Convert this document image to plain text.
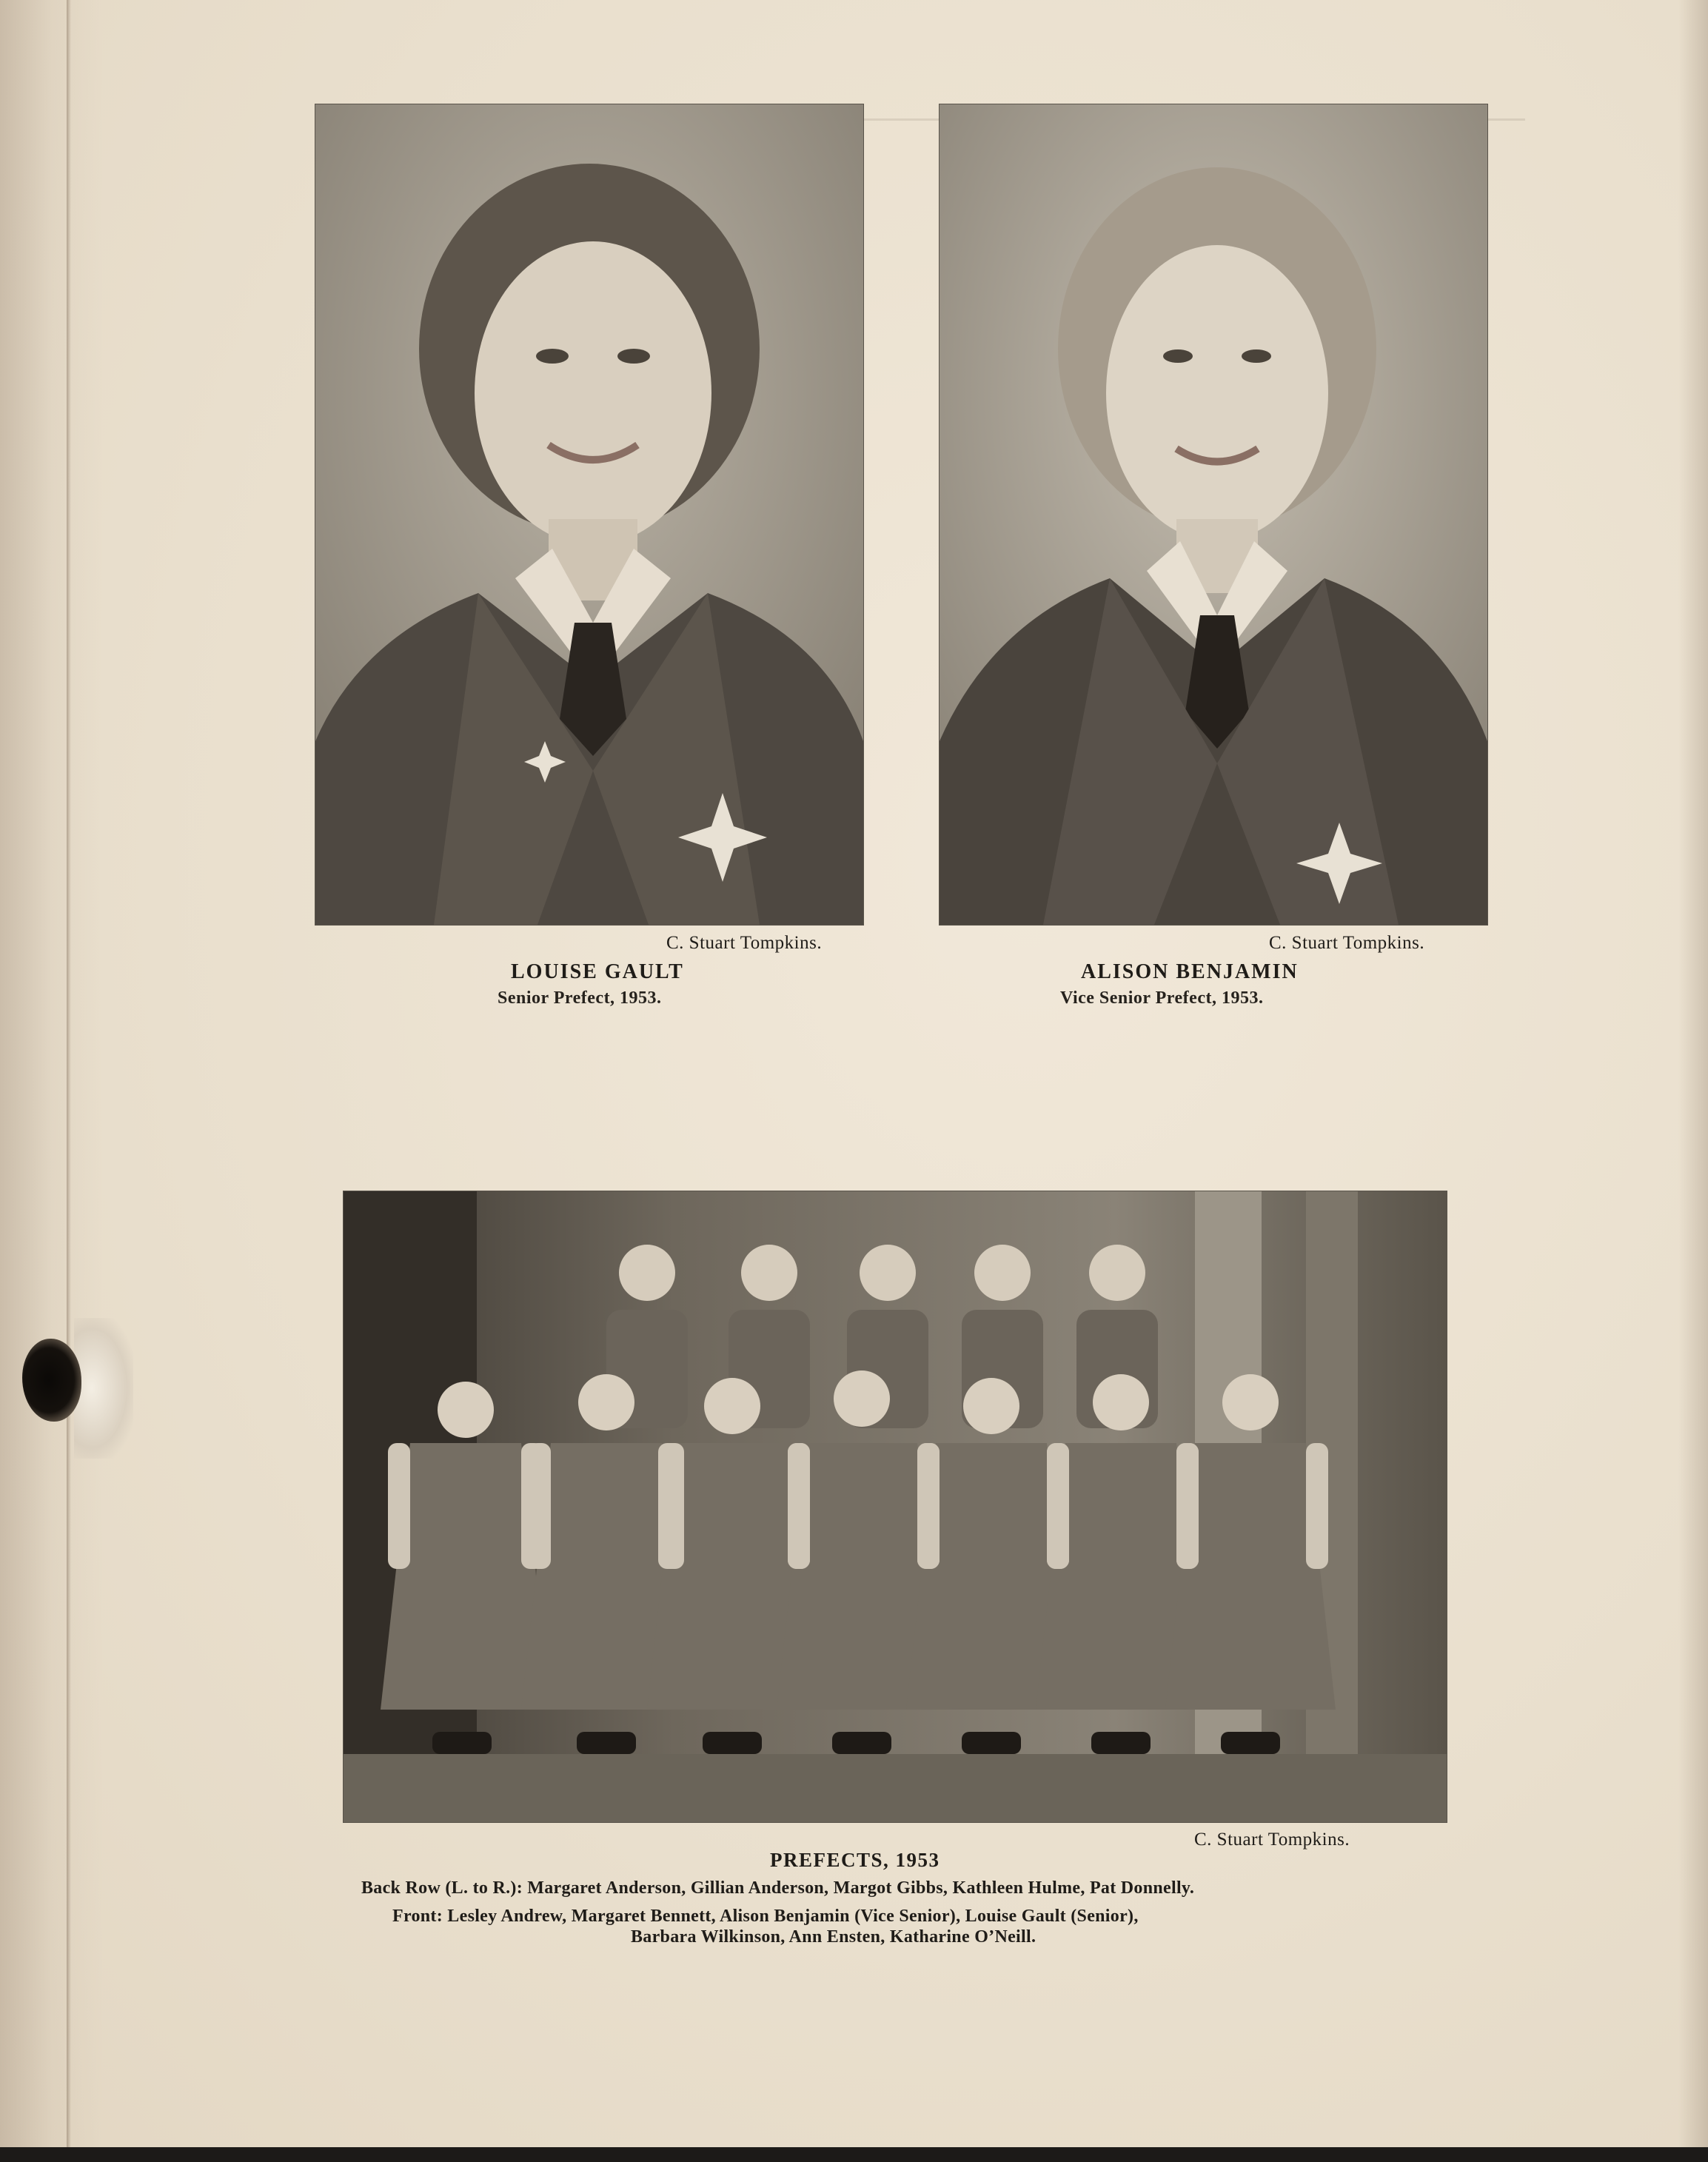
C. Stuart Tompkins.
LOUISE GAULT
Senior Prefect, 1953.
C. Stuart Tompkins.
ALISON BENJAMIN
Vice Senior Prefect, 1953.
C. Stuart Tompkins.
PREFECTS, 1953
Back Row (L. to R.): Margaret Anderson, Gillian Anderson, Margot Gibbs, Kathleen Hulme, Pat Donnelly.
Front: Lesley Andrew, Margaret Bennett, Alison Benjamin (Vice Senior), Louise Gault (Senior),
Barbara Wilkinson, Ann Ensten, Katharine O’Neill.
